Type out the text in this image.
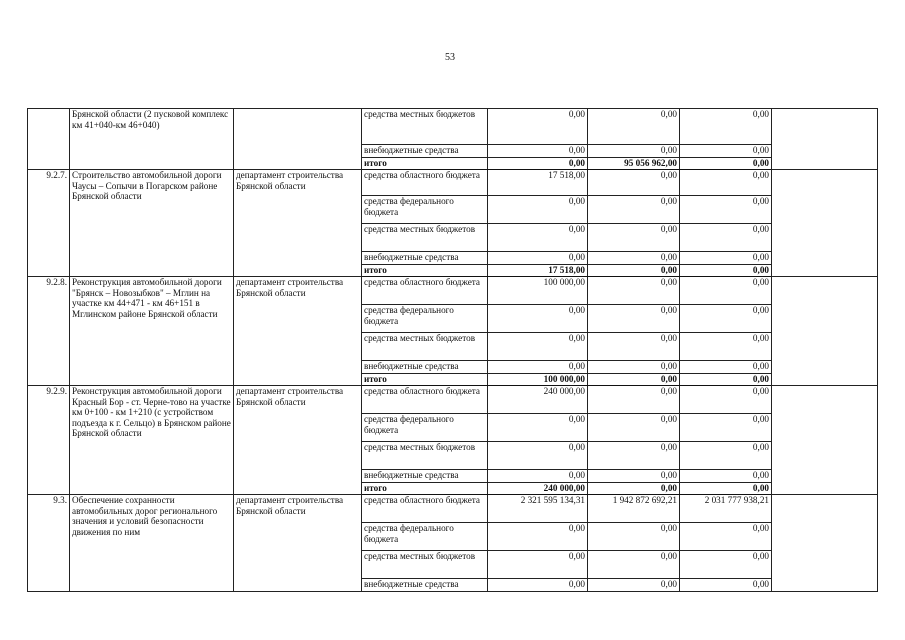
53
	Брянской области (2 пусковой комплекс км 41+040-км 46+040)		средства местных бюджетов	0,00	0,00	0,00	
			внебюджетные средства	0,00	0,00	0,00	
			итого	0,00	95 056 962,00	0,00	
9.2.7.	Строительство автомобильной дороги Чаусы – Сопычи в Погарском районе Брянской области	департамент строительства Брянской области	средства областного бюджета	17 518,00	0,00	0,00	
			средства федерального бюджета	0,00	0,00	0,00	
			средства местных бюджетов	0,00	0,00	0,00	
			внебюджетные средства	0,00	0,00	0,00	
			итого	17 518,00	0,00	0,00	
9.2.8.	Реконструкция автомобильной дороги "Брянск – Новозыбков" – Мглин на участке км 44+471 - км 46+151 в Мглинском районе Брянской области	департамент строительства Брянской области	средства областного бюджета	100 000,00	0,00	0,00	
			средства федерального бюджета	0,00	0,00	0,00	
			средства местных бюджетов	0,00	0,00	0,00	
			внебюджетные средства	0,00	0,00	0,00	
			итого	100 000,00	0,00	0,00	
9.2.9.	Реконструкция автомобильной дороги Красный Бор - ст. Черне-тово на участке км 0+100 - км 1+210 (с устройством подъезда к г. Сельцо) в Брянском районе Брянской области	департамент строительства Брянской области	средства областного бюджета	240 000,00	0,00	0,00	
			средства федерального бюджета	0,00	0,00	0,00	
			средства местных бюджетов	0,00	0,00	0,00	
			внебюджетные средства	0,00	0,00	0,00	
			итого	240 000,00	0,00	0,00	
9.3.	Обеспечение сохранности автомобильных дорог регионального значения и условий безопасности движения по ним	департамент строительства Брянской области	средства областного бюджета	2 321 595 134,31	1 942 872 692,21	2 031 777 938,21	
			средства федерального бюджета	0,00	0,00	0,00	
			средства местных бюджетов	0,00	0,00	0,00	
			внебюджетные средства	0,00	0,00	0,00	
